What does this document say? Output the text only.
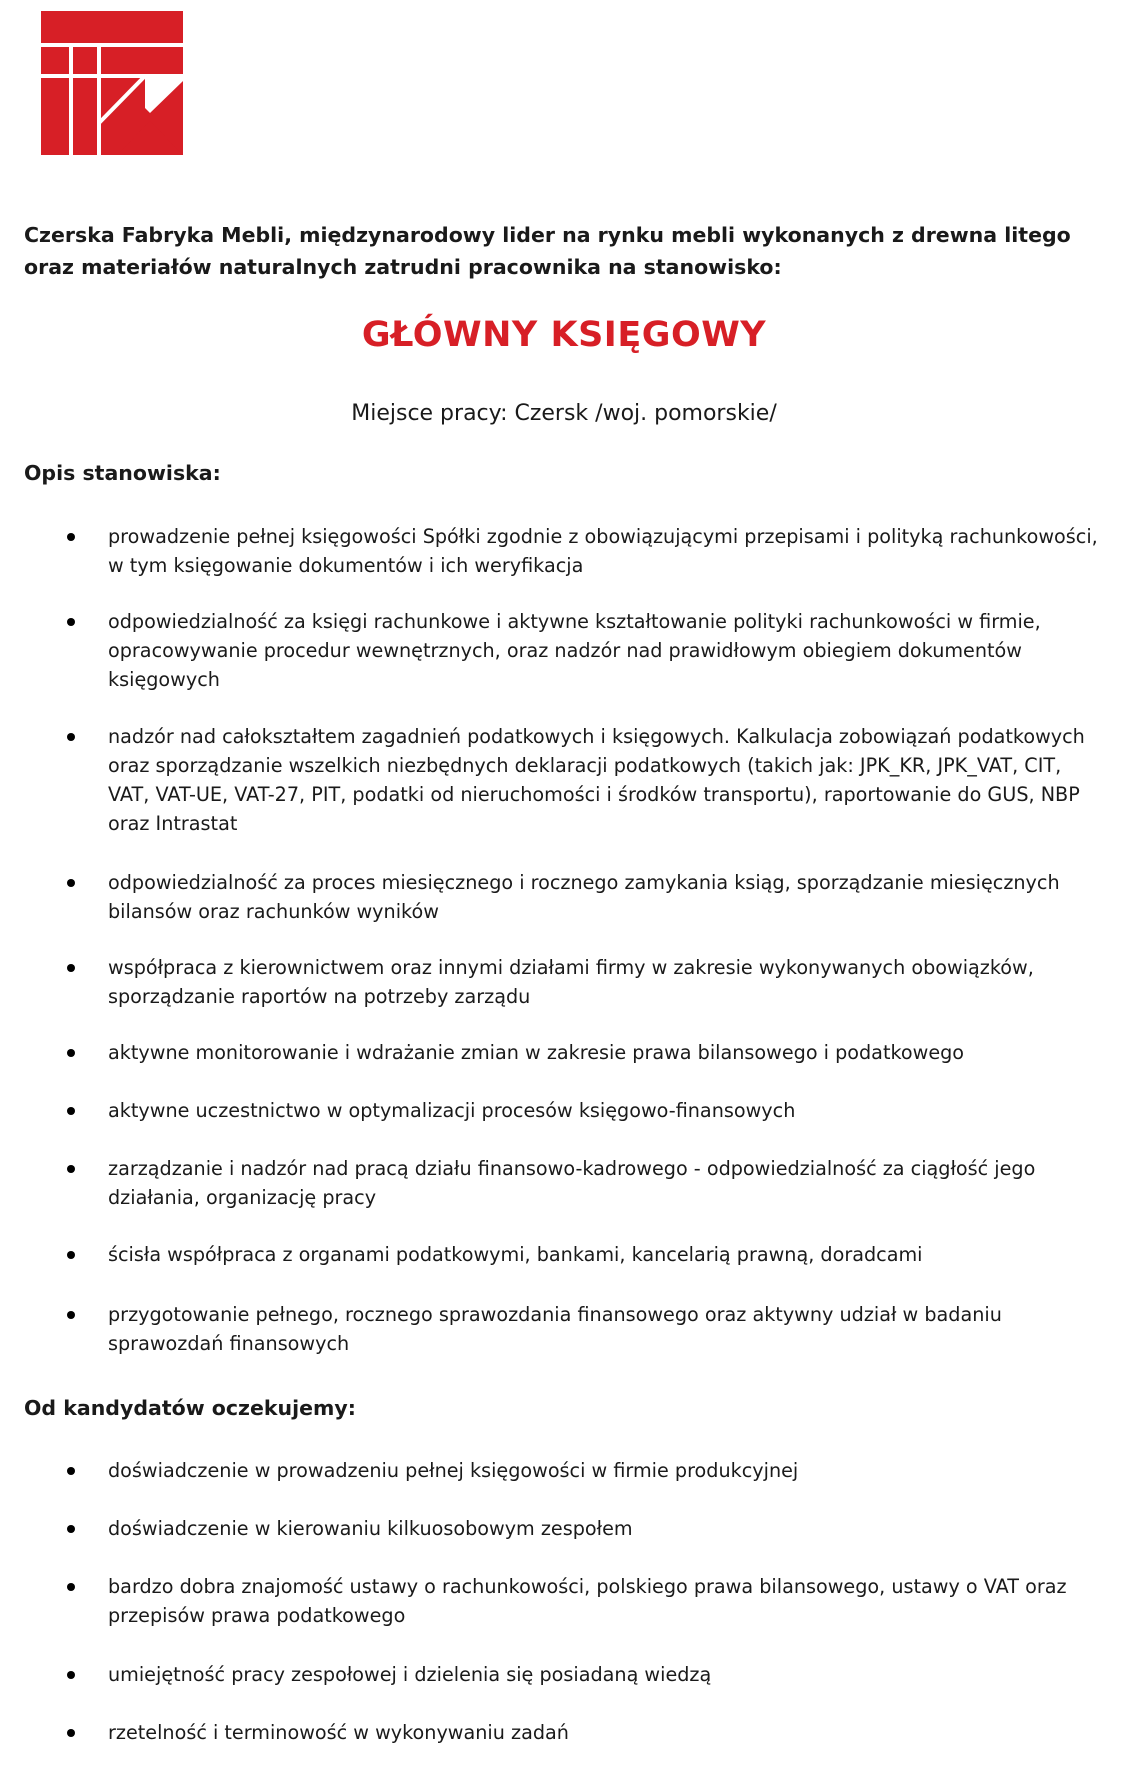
Czerska Fabryka Mebli, międzynarodowy lider na rynku mebli wykonanych z drewna litego oraz materiałów naturalnych zatrudni pracownika na stanowisko:

GŁÓWNY KSIĘGOWY

Miejsce pracy: Czersk /woj. pomorskie/

Opis stanowiska:
prowadzenie pełnej księgowości Spółki zgodnie z obowiązującymi przepisami i polityką rachunkowości, w tym księgowanie dokumentów i ich weryfikacja
odpowiedzialność za księgi rachunkowe i aktywne kształtowanie polityki rachunkowości w firmie, opracowywanie procedur wewnętrznych, oraz nadzór nad prawidłowym obiegiem dokumentów księgowych
nadzór nad całokształtem zagadnień podatkowych i księgowych. Kalkulacja zobowiązań podatkowych oraz sporządzanie wszelkich niezbędnych deklaracji podatkowych (takich jak: JPK_KR, JPK_VAT, CIT, VAT, VAT-UE, VAT-27, PIT, podatki od nieruchomości i środków transportu), raportowanie do GUS, NBP oraz Intrastat
odpowiedzialność za proces miesięcznego i rocznego zamykania ksiąg, sporządzanie miesięcznych bilansów oraz rachunków wyników
współpraca z kierownictwem oraz innymi działami firmy w zakresie wykonywanych obowiązków, sporządzanie raportów na potrzeby zarządu
aktywne monitorowanie i wdrażanie zmian w zakresie prawa bilansowego i podatkowego
aktywne uczestnictwo w optymalizacji procesów księgowo-finansowych
zarządzanie i nadzór nad pracą działu finansowo-kadrowego - odpowiedzialność za ciągłość jego działania, organizację pracy
ścisła współpraca z organami podatkowymi, bankami, kancelarią prawną, doradcami
przygotowanie pełnego, rocznego sprawozdania finansowego oraz aktywny udział w badaniu sprawozdań finansowych
Od kandydatów oczekujemy:
doświadczenie w prowadzeniu pełnej księgowości w firmie produkcyjnej
doświadczenie w kierowaniu kilkuosobowym zespołem
bardzo dobra znajomość ustawy o rachunkowości, polskiego prawa bilansowego, ustawy o VAT oraz przepisów prawa podatkowego
umiejętność pracy zespołowej i dzielenia się posiadaną wiedzą
rzetelność i terminowość w wykonywaniu zadań
